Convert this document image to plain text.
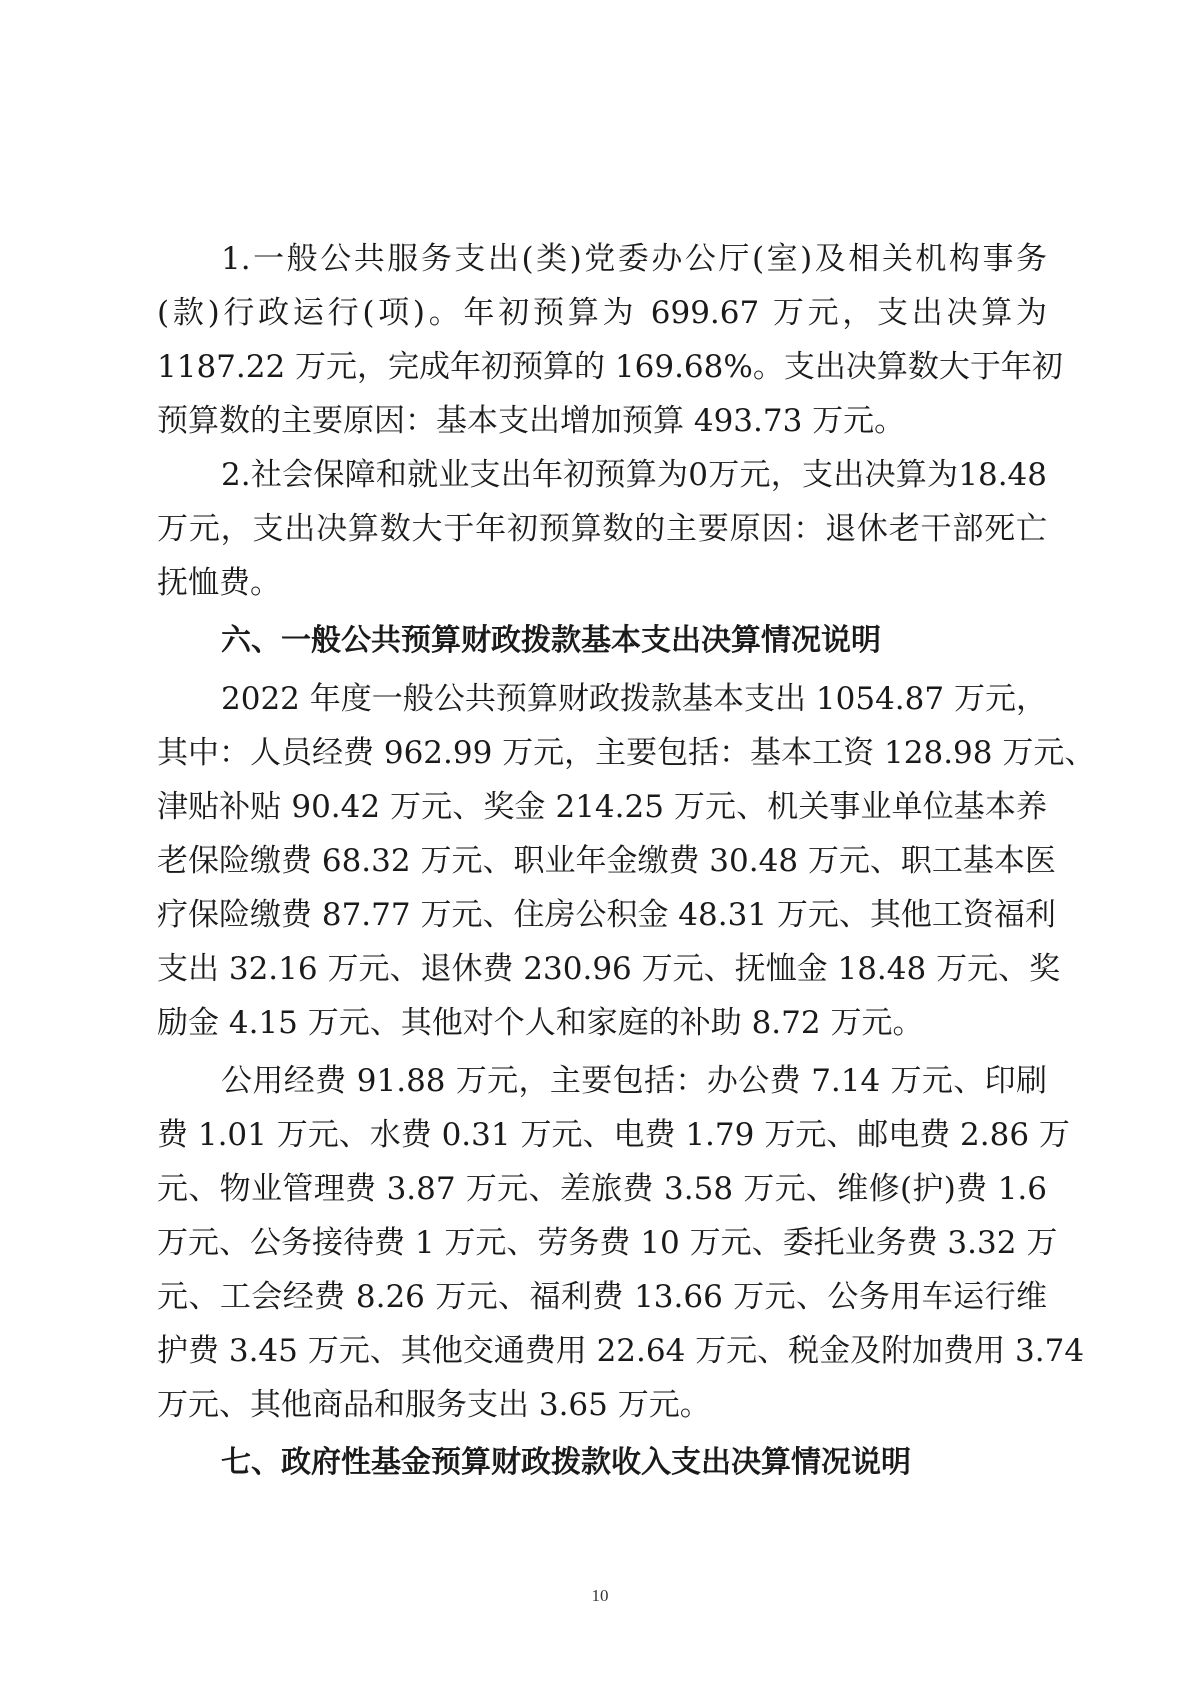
1.一般公共服务支出(类)党委办公厅(室)及相关机构事务
(款)行政运行(项)。年初预算为 699.67 万元，支出决算为
1187.22 万元，完成年初预算的 169.68%。支出决算数大于年初
预算数的主要原因：基本支出增加预算 493.73 万元。
2.社会保障和就业支出年初预算为0万元，支出决算为18.48
万元，支出决算数大于年初预算数的主要原因：退休老干部死亡
抚恤费。
六、一般公共预算财政拨款基本支出决算情况说明
2022 年度一般公共预算财政拨款基本支出 1054.87 万元，
其中：人员经费 962.99 万元，主要包括：基本工资 128.98 万元、
津贴补贴 90.42 万元、奖金 214.25 万元、机关事业单位基本养
老保险缴费 68.32 万元、职业年金缴费 30.48 万元、职工基本医
疗保险缴费 87.77 万元、住房公积金 48.31 万元、其他工资福利
支出 32.16 万元、退休费 230.96 万元、抚恤金 18.48 万元、奖
励金 4.15 万元、其他对个人和家庭的补助 8.72 万元。
公用经费 91.88 万元，主要包括：办公费 7.14 万元、印刷
费 1.01 万元、水费 0.31 万元、电费 1.79 万元、邮电费 2.86 万
元、物业管理费 3.87 万元、差旅费 3.58 万元、维修(护)费 1.6
万元、公务接待费 1 万元、劳务费 10 万元、委托业务费 3.32 万
元、工会经费 8.26 万元、福利费 13.66 万元、公务用车运行维
护费 3.45 万元、其他交通费用 22.64 万元、税金及附加费用 3.74
万元、其他商品和服务支出 3.65 万元。
七、政府性基金预算财政拨款收入支出决算情况说明
10
